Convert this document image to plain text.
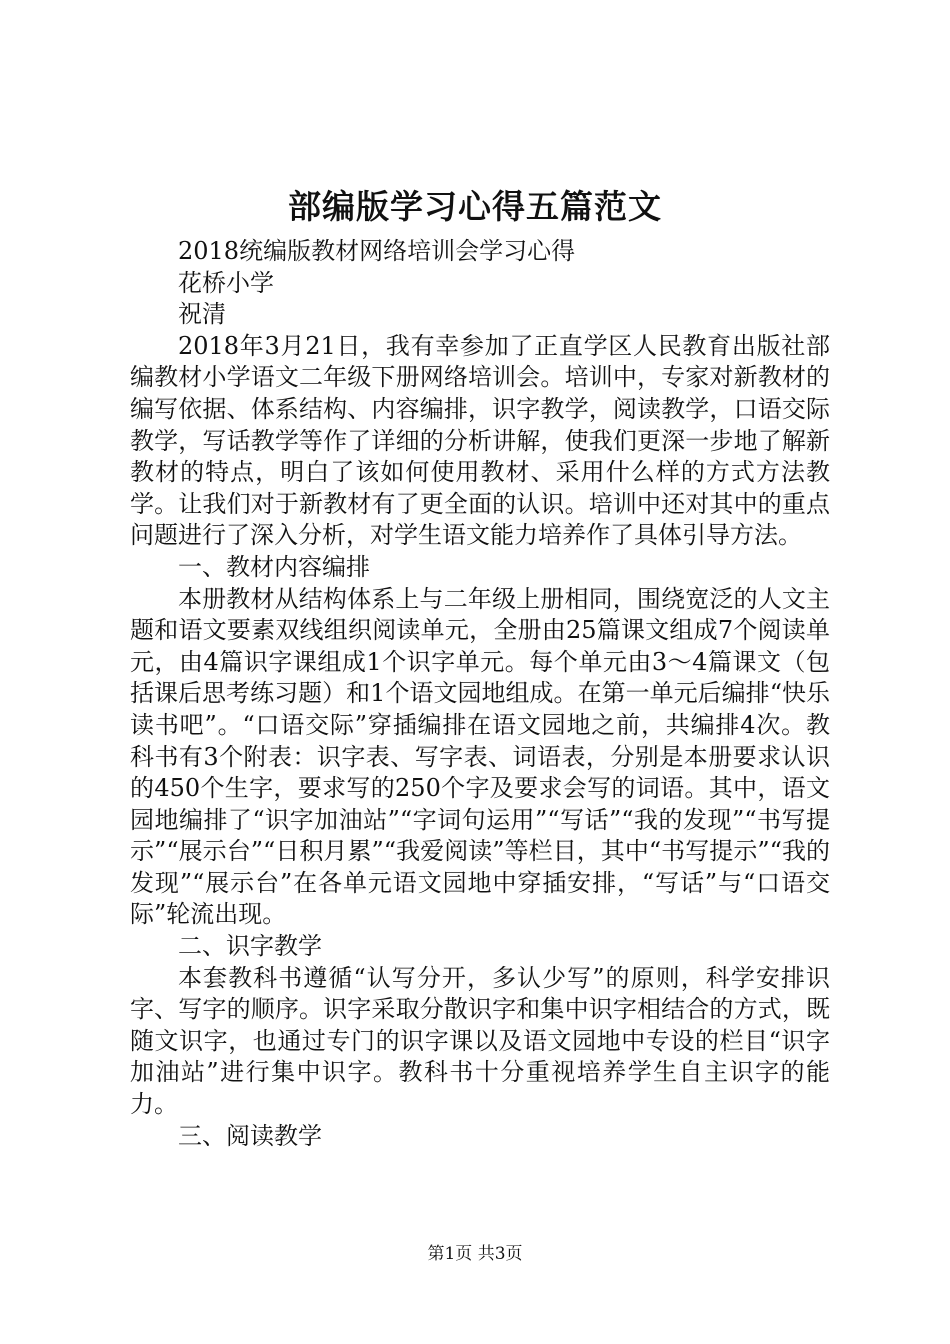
部编版学习心得五篇范文
2018统编版教材网络培训会学习心得
花桥小学
祝清

2018年3月21日，我有幸参加了正直学区人民教育出版社部编教材小学语文二年级下册网络培训会。培训中，专家对新教材的编写依据、体系结构、内容编排，识字教学，阅读教学，口语交际教学，写话教学等作了详细的分析讲解，使我们更深一步地了解新教材的特点，明白了该如何使用教材、采用什么样的方式方法教学。让我们对于新教材有了更全面的认识。培训中还对其中的重点问题进行了深入分析，对学生语文能力培养作了具体引导方法。

一、教材内容编排

本册教材从结构体系上与二年级上册相同，围绕宽泛的人文主题和语文要素双线组织阅读单元，全册由25篇课文组成7个阅读单元，由4篇识字课组成1个识字单元。每个单元由3～4篇课文（包括课后思考练习题）和1个语文园地组成。在第一单元后编排“快乐读书吧”。“口语交际”穿插编排在语文园地之前，共编排4次。教科书有3个附表：识字表、写字表、词语表，分别是本册要求认识的450个生字，要求写的250个字及要求会写的词语。其中，语文园地编排了“识字加油站”“字词句运用”“写话”“我的发现”“书写提示”“展示台”“日积月累”“我爱阅读”等栏目，其中“书写提示”“我的发现”“展示台”在各单元语文园地中穿插安排，“写话”与“口语交际”轮流出现。

二、识字教学

本套教科书遵循“认写分开，多认少写”的原则，科学安排识字、写字的顺序。识字采取分散识字和集中识字相结合的方式，既随文识字，也通过专门的识字课以及语文园地中专设的栏目“识字加油站”进行集中识字。教科书十分重视培养学生自主识字的能力。

三、阅读教学
第1页 共3页
